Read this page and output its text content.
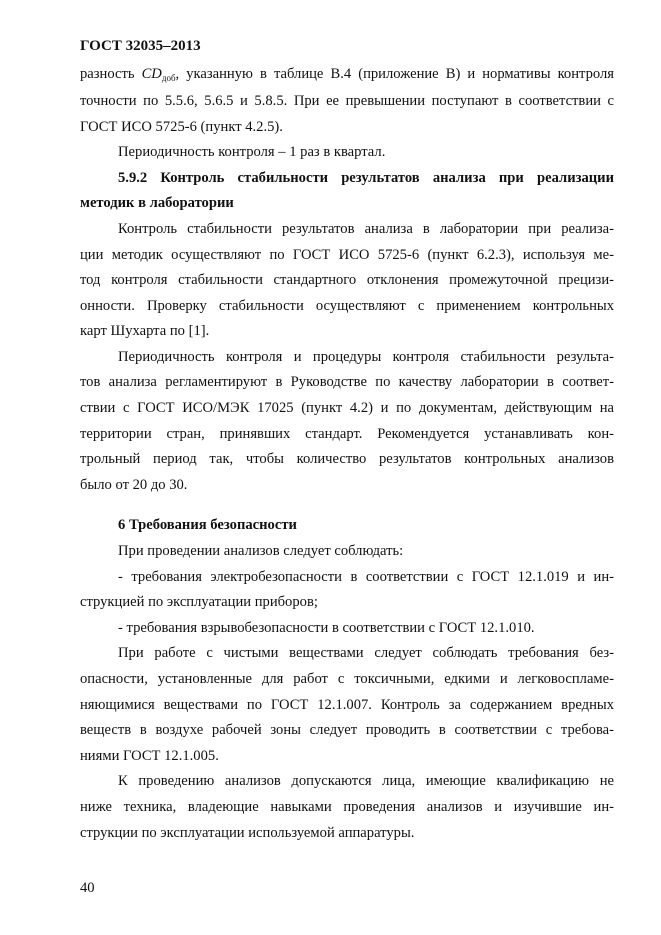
ГОСТ 32035–2013
разность $CD_{доб}$, указанную в таблице В.4 (приложение В) и нормативы контроля
точности по 5.5.6, 5.6.5 и 5.8.5. При ее превышении поступают в соответствии с
ГОСТ ИСО 5725-6 (пункт 4.2.5).
Периодичность контроля – 1 раз в квартал.
5.9.2 Контроль стабильности результатов анализа при реализации
методик в лаборатории
Контроль стабильности результатов анализа в лаборатории при реализа-
ции методик осуществляют по ГОСТ ИСО 5725-6 (пункт 6.2.3), используя ме-
тод контроля стабильности стандартного отклонения промежуточной прецизи-
онности. Проверку стабильности осуществляют с применением контрольных
карт Шухарта по [1].
Периодичность контроля и процедуры контроля стабильности результа-
тов анализа регламентируют в Руководстве по качеству лаборатории в соответ-
ствии с ГОСТ ИСО/МЭК 17025 (пункт 4.2) и по документам, действующим на
территории стран, принявших стандарт. Рекомендуется устанавливать кон-
трольный период так, чтобы количество результатов контрольных анализов
было от 20 до 30.
6 Требования безопасности
При проведении анализов следует соблюдать:
- требования электробезопасности в соответствии с ГОСТ 12.1.019 и ин-
струкцией по эксплуатации приборов;
- требования взрывобезопасности в соответствии с ГОСТ 12.1.010.
При работе с чистыми веществами следует соблюдать требования без-
опасности, установленные для работ с токсичными, едкими и легковоспламе-
няющимися веществами по ГОСТ 12.1.007. Контроль за содержанием вредных
веществ в воздухе рабочей зоны следует проводить в соответствии с требова-
ниями ГОСТ 12.1.005.
К проведению анализов допускаются лица, имеющие квалификацию не
ниже техника, владеющие навыками проведения анализов и изучившие ин-
струкции по эксплуатации используемой аппаратуры.
40
